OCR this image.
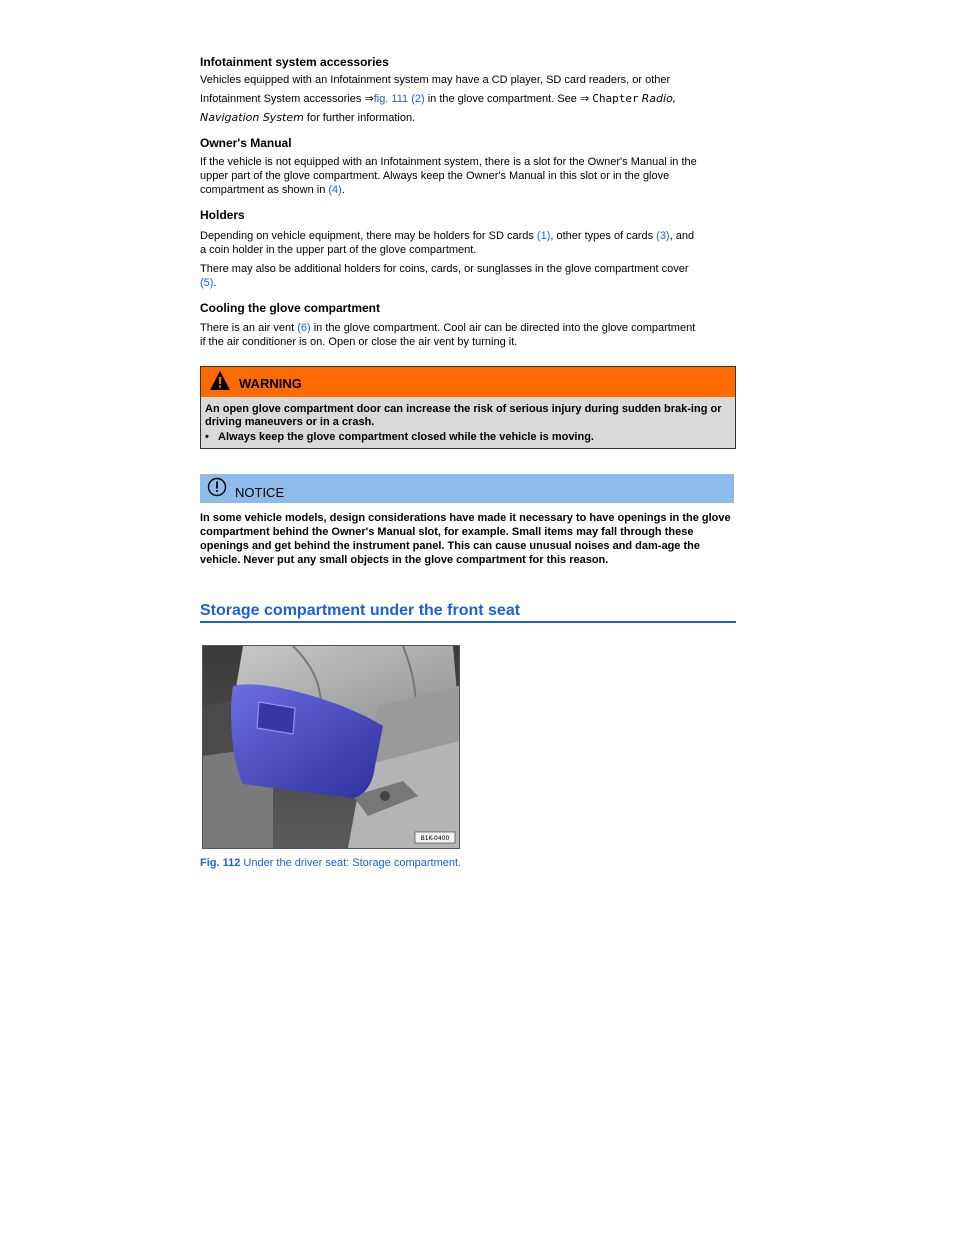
Infotainment system accessories

Vehicles equipped with an Infotainment system may have a CD player, SD card readers, or other

Infotainment System accessories ⇒fig. 111 (2) in the glove compartment. See ⇒ Chapter Radio,

Navigation System for further information.

Owner's Manual

If the vehicle is not equipped with an Infotainment system, there is a slot for the Owner's Manual in the

upper part of the glove compartment. Always keep the Owner's Manual in this slot or in the glove

compartment as shown in (4).

Holders

Depending on vehicle equipment, there may be holders for SD cards (1), other types of cards (3), and

a coin holder in the upper part of the glove compartment.

There may also be additional holders for coins, cards, or sunglasses in the glove compartment cover

(5).

Cooling the glove compartment

There is an air vent (6) in the glove compartment. Cool air can be directed into the glove compartment

if the air conditioner is on. Open or close the air vent by turning it.

WARNING
An open glove compartment door can increase the risk of serious injury during sudden brak-ing or driving maneuvers or in a crash.
•   Always keep the glove compartment closed while the vehicle is moving.
NOTICE
In some vehicle models, design considerations have made it necessary to have openings in the glove compartment behind the Owner's Manual slot, for example. Small items may fall through these openings and get behind the instrument panel. This can cause unusual noises and dam-age the vehicle. Never put any small objects in the glove compartment for this reason.
Storage compartment under the front seat
B1K-0400
Fig. 112 Under the driver seat: Storage compartment.
